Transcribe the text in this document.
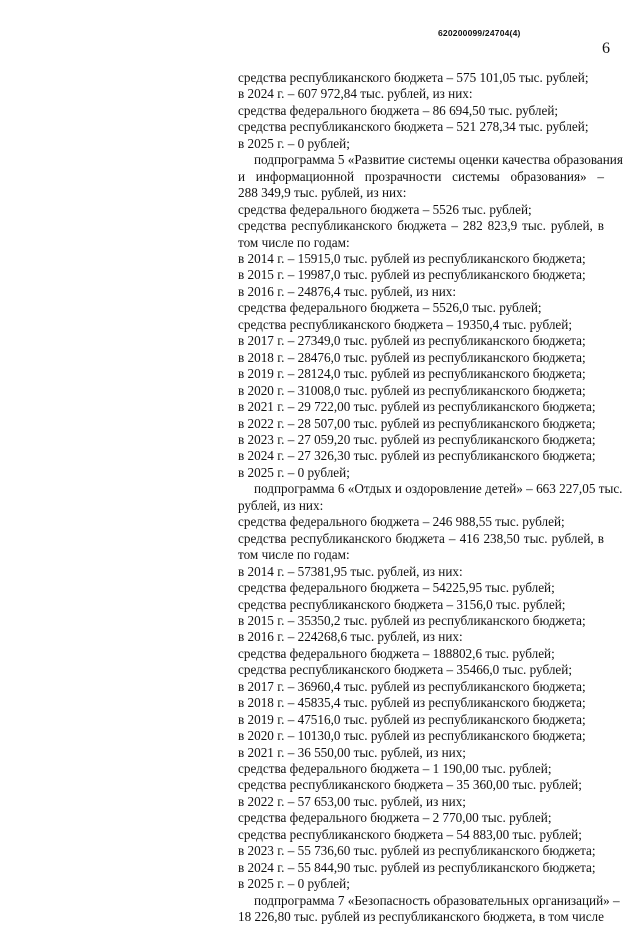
620200099/24704(4)
6
средства республиканского бюджета – 575 101,05 тыс. рублей;
в 2024 г. – 607 972,84 тыс. рублей, из них:
средства федерального бюджета – 86 694,50 тыс. рублей;
средства республиканского бюджета – 521 278,34 тыс. рублей;
в 2025 г. – 0 рублей;
подпрограмма 5 «Развитие системы оценки качества образования
и информационной прозрачности системы образования» –
288 349,9 тыс. рублей, из них:
средства федерального бюджета – 5526 тыс. рублей;
средства республиканского бюджета – 282 823,9 тыс. рублей, в
том числе по годам:
в 2014 г. – 15915,0 тыс. рублей из республиканского бюджета;
в 2015 г. – 19987,0 тыс. рублей из республиканского бюджета;
в 2016 г. – 24876,4 тыс. рублей, из них:
средства федерального бюджета – 5526,0 тыс. рублей;
средства республиканского бюджета – 19350,4 тыс. рублей;
в 2017 г. – 27349,0 тыс. рублей из республиканского бюджета;
в 2018 г. – 28476,0 тыс. рублей из республиканского бюджета;
в 2019 г. – 28124,0 тыс. рублей из республиканского бюджета;
в 2020 г. – 31008,0 тыс. рублей из республиканского бюджета;
в 2021 г. – 29 722,00 тыс. рублей из республиканского бюджета;
в 2022 г. – 28 507,00 тыс. рублей из республиканского бюджета;
в 2023 г. – 27 059,20 тыс. рублей из республиканского бюджета;
в 2024 г. – 27 326,30 тыс. рублей из республиканского бюджета;
в 2025 г. – 0 рублей;
подпрограмма 6 «Отдых и оздоровление детей» – 663 227,05 тыс.
рублей, из них:
средства федерального бюджета – 246 988,55 тыс. рублей;
средства республиканского бюджета – 416 238,50 тыс. рублей, в
том числе по годам:
в 2014 г. – 57381,95 тыс. рублей, из них:
средства федерального бюджета – 54225,95 тыс. рублей;
средства республиканского бюджета – 3156,0 тыс. рублей;
в 2015 г. – 35350,2 тыс. рублей из республиканского бюджета;
в 2016 г. – 224268,6 тыс. рублей, из них:
средства федерального бюджета – 188802,6 тыс. рублей;
средства республиканского бюджета – 35466,0 тыс. рублей;
в 2017 г. – 36960,4 тыс. рублей из республиканского бюджета;
в 2018 г. – 45835,4 тыс. рублей из республиканского бюджета;
в 2019 г. – 47516,0 тыс. рублей из республиканского бюджета;
в 2020 г. – 10130,0 тыс. рублей из республиканского бюджета;
в 2021 г. – 36 550,00 тыс. рублей, из них;
средства федерального бюджета – 1 190,00 тыс. рублей;
средства республиканского бюджета – 35 360,00 тыс. рублей;
в 2022 г. – 57 653,00 тыс. рублей, из них;
средства федерального бюджета – 2 770,00 тыс. рублей;
средства республиканского бюджета – 54 883,00 тыс. рублей;
в 2023 г. – 55 736,60 тыс. рублей из республиканского бюджета;
в 2024 г. – 55 844,90 тыс. рублей из республиканского бюджета;
в 2025 г. – 0 рублей;
подпрограмма 7 «Безопасность образовательных организаций» –
18 226,80 тыс. рублей из республиканского бюджета, в том числе
